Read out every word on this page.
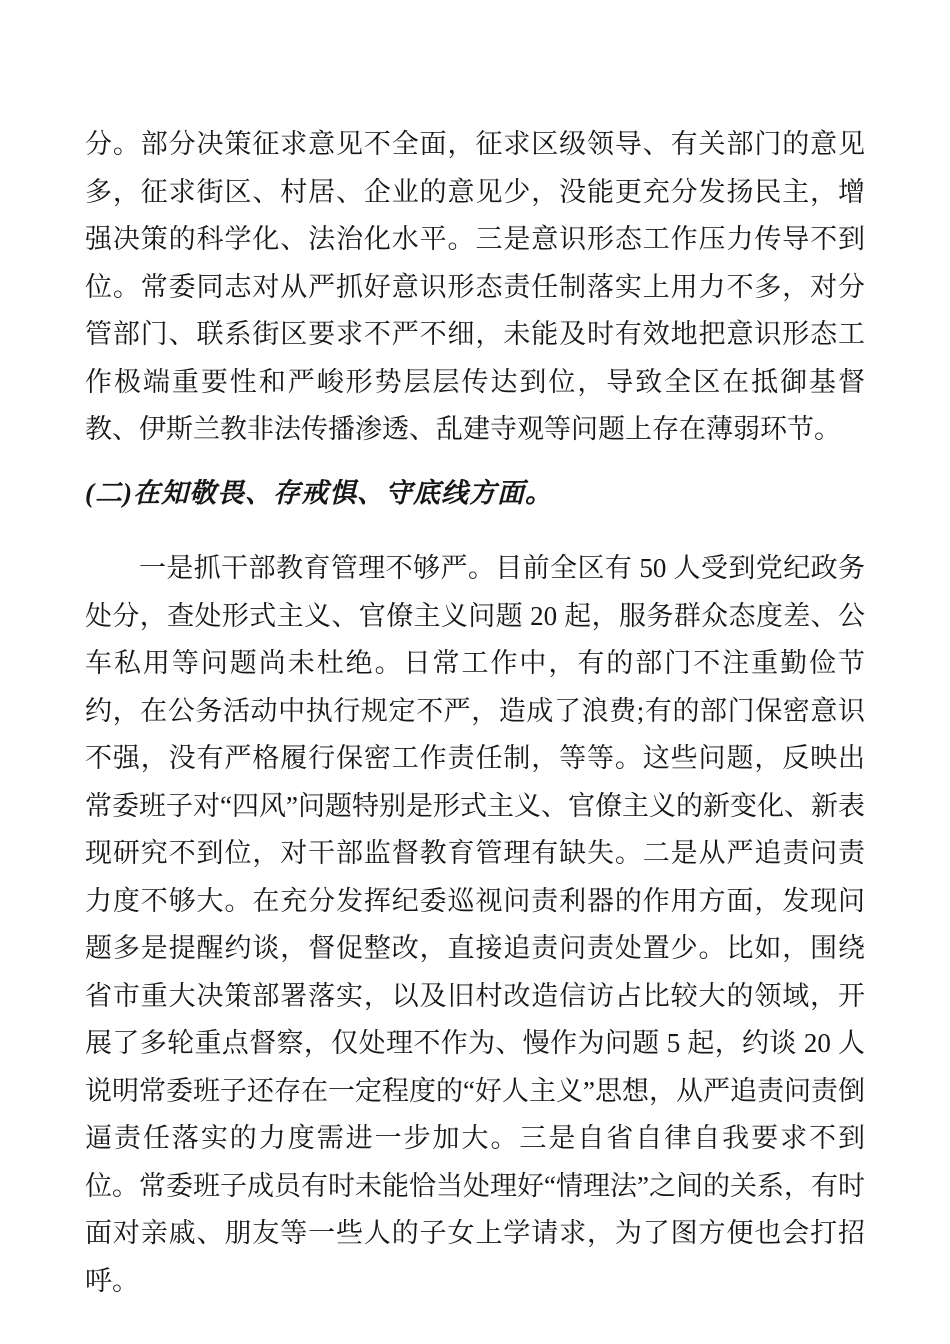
分。部分决策征求意见不全面，征求区级领导、有关部门的意见多，征求街区、村居、企业的意见少，没能更充分发扬民主，增强决策的科学化、法治化水平。三是意识形态工作压力传导不到位。常委同志对从严抓好意识形态责任制落实上用力不多，对分管部门、联系街区要求不严不细，未能及时有效地把意识形态工作极端重要性和严峻形势层层传达到位，导致全区在抵御基督教、伊斯兰教非法传播渗透、乱建寺观等问题上存在薄弱环节。

(二)在知敬畏、存戒惧、守底线方面。

一是抓干部教育管理不够严。目前全区有 50 人受到党纪政务处分，查处形式主义、官僚主义问题 20 起，服务群众态度差、公车私用等问题尚未杜绝。日常工作中，有的部门不注重勤俭节约，在公务活动中执行规定不严，造成了浪费;有的部门保密意识不强，没有严格履行保密工作责任制，等等。这些问题，反映出常委班子对“四风”问题特别是形式主义、官僚主义的新变化、新表现研究不到位，对干部监督教育管理有缺失。二是从严追责问责力度不够大。在充分发挥纪委巡视问责利器的作用方面，发现问题多是提醒约谈，督促整改，直接追责问责处置少。比如，围绕省市重大决策部署落实，以及旧村改造信访占比较大的领域，开展了多轮重点督察，仅处理不作为、慢作为问题 5 起，约谈 20 人说明常委班子还存在一定程度的“好人主义”思想，从严追责问责倒逼责任落实的力度需进一步加大。三是自省自律自我要求不到位。常委班子成员有时未能恰当处理好“情理法”之间的关系，有时面对亲戚、朋友等一些人的子女上学请求，为了图方便也会打招呼。
